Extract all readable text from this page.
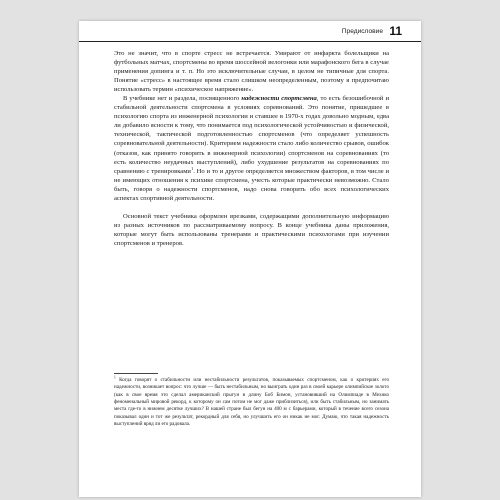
Предисловие 11

Это не значит, что в спорте стресс не встречается. Умирают от инфаркта болельщики на футбольных матчах, спортсмены во время шоссейной велогонки или марафонского бега в случае применения допинга и т. п. Но это исключительные случаи, в целом не типичные для спорта. Понятие «стресс» в настоящее время стало слишком неопределенным, поэтому я предпочитаю использовать термин «психическое напряжение».

В учебнике нет и раздела, посвященного надежности спортсмена, то есть безошибочной и стабильной деятельности спортсмена в условиях соревнований. Это понятие, пришедшее в психологию спорта из инженерной психологии и ставшее в 1970-х годах довольно модным, едва ли добавило ясности к тому, что понимается под психологической устойчивостью и физической, технической, тактической подготовленностью спортсменов (что определяет успешность соревновательной деятельности). Критерием надежности стало либо количество срывов, ошибок (отказов, как принято говорить в инженерной психологии) спортсменов на соревнованиях (то есть количество неудачных выступлений), либо ухудшение результатов на соревнованиях по сравнению с тренировками$^1$. Но и то и другое определяется множеством факторов, в том числе и не имеющих отношения к психике спортсмена, учесть которые практически невозможно. Стало быть, говоря о надежности спортсменов, надо снова говорить обо всех психологических аспектах спортивной деятельности.

Основной текст учебника оформлен врезками, содержащими дополнительную информацию из разных источников по рассматриваемому вопросу. В конце учебника даны приложения, которые могут быть использованы тренерами и практическими психологами при изучении спортсменов и тренеров.

$^1$ Когда говорят о стабильности или нестабильности результатов, показываемых спортсменом, как о критериях его надежности, возникает вопрос: что лучше — быть нестабильным, но выиграть один раз в своей карьере олимпийское золото (как в свое время это сделал американский прыгун в длину Боб Бимон, установивший на Олимпиаде в Мехико феноменальный мировой рекорд, к которому он сам потом не мог даже приблизиться), или быть стабильным, но занимать места где-то в нижнем десятке лучших? В нашей стране был бегун на 400 м с барьерами, который в течение всего сезона показывал один и тот же результат, рекордный для себя, но улучшить его он никак не мог. Думаю, что такая надежность выступлений вряд ли его радовала.
